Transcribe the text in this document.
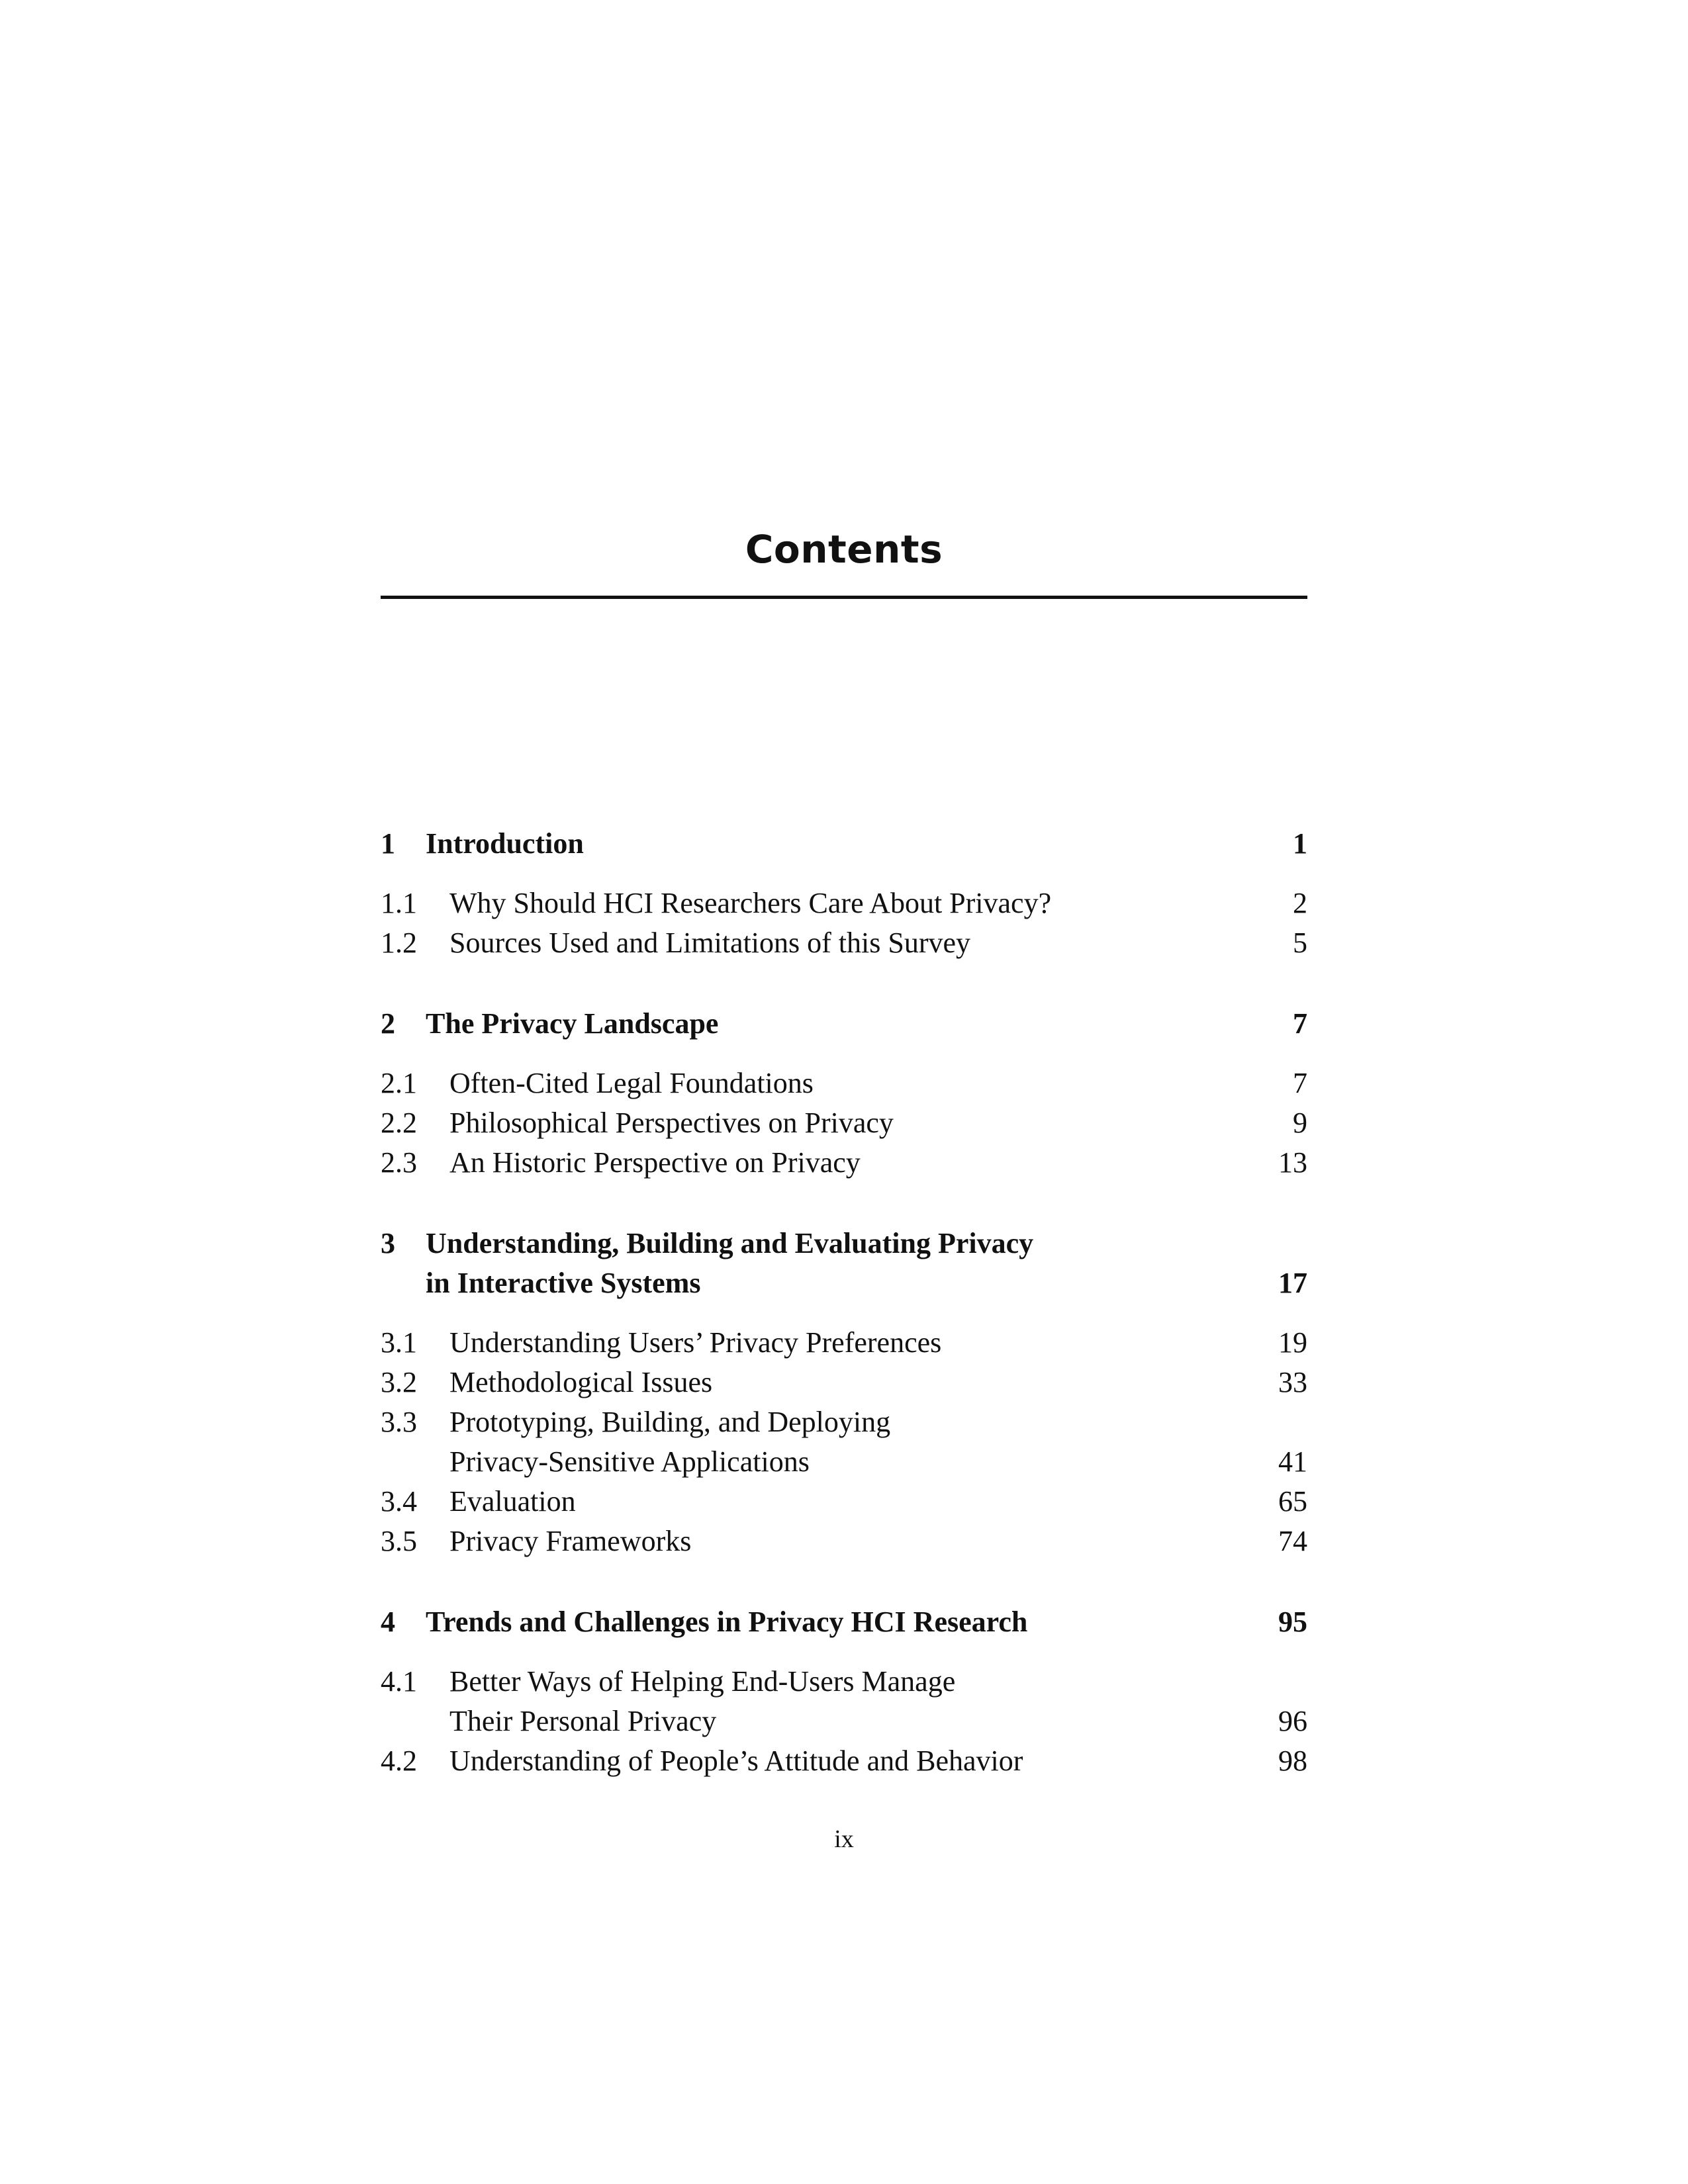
Contents
1	Introduction	1
1.1	Why Should HCI Researchers Care About Privacy?	2
1.2	Sources Used and Limitations of this Survey	5
2	The Privacy Landscape	7
2.1	Often-Cited Legal Foundations	7
2.2	Philosophical Perspectives on Privacy	9
2.3	An Historic Perspective on Privacy	13
3	Understanding, Building and Evaluating Privacy
in Interactive Systems	17
3.1	Understanding Users’ Privacy Preferences	19
3.2	Methodological Issues	33
3.3	Prototyping, Building, and Deploying
Privacy-Sensitive Applications	41
3.4	Evaluation	65
3.5	Privacy Frameworks	74
4	Trends and Challenges in Privacy HCI Research	95
4.1	Better Ways of Helping End-Users Manage
Their Personal Privacy	96
4.2	Understanding of People’s Attitude and Behavior	98
ix
